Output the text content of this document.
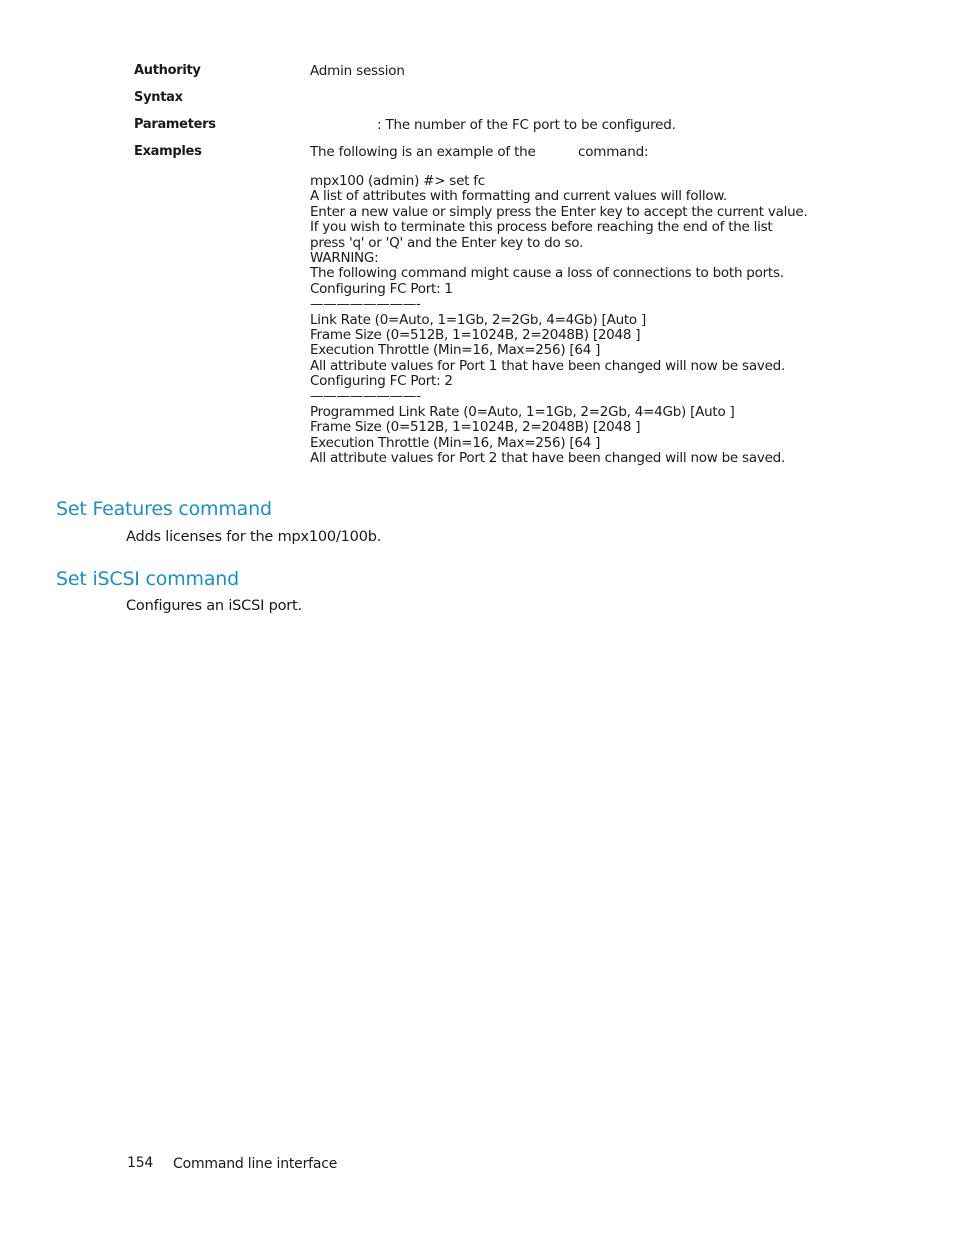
Authority	Admin session
Syntax
Parameters	: The number of the FC port to be configured.
Examples	The following is an example of the	command:
mpx100 (admin) #> set fc
A list of attributes with formatting and current values will follow.
Enter a new value or simply press the Enter key to accept the current value.
If you wish to terminate this process before reaching the end of the list
press 'q' or 'Q' and the Enter key to do so.
WARNING:
The following command might cause a loss of connections to both ports.
Configuring FC Port: 1
————————-
Link Rate (0=Auto, 1=1Gb, 2=2Gb, 4=4Gb) [Auto ]
Frame Size (0=512B, 1=1024B, 2=2048B) [2048 ]
Execution Throttle (Min=16, Max=256) [64 ]
All attribute values for Port 1 that have been changed will now be saved.
Configuring FC Port: 2
————————-
Programmed Link Rate (0=Auto, 1=1Gb, 2=2Gb, 4=4Gb) [Auto ]
Frame Size (0=512B, 1=1024B, 2=2048B) [2048 ]
Execution Throttle (Min=16, Max=256) [64 ]
All attribute values for Port 2 that have been changed will now be saved.
Set Features command
Adds licenses for the mpx100/100b.
Set iSCSI command
Configures an iSCSI port.
154 Command line interface
